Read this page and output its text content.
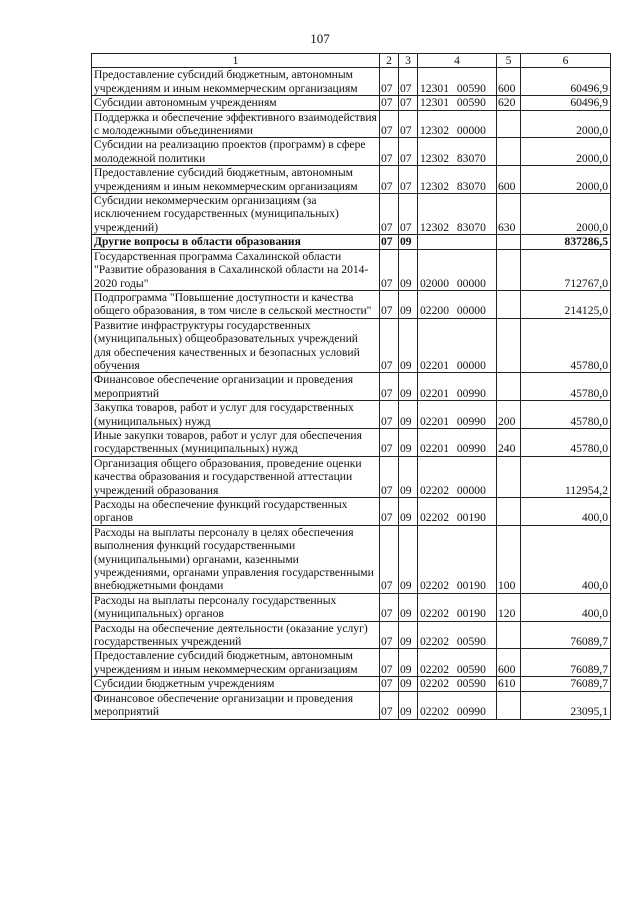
107
1	2	3	4	5	6
Предоставление субсидий бюджетным, автономным учреждениям и иным некоммерческим организациям	07	07	12301 00590	600	60496,9
Субсидии автономным учреждениям	07	07	12301 00590	620	60496,9
Поддержка и обеспечение эффективного взаимодействия с молодежными объединениями	07	07	12302 00000		2000,0
Субсидии на реализацию проектов (программ) в сфере молодежной политики	07	07	12302 83070		2000,0
Предоставление субсидий бюджетным, автономным учреждениям и иным некоммерческим организациям	07	07	12302 83070	600	2000,0
Субсидии некоммерческим организациям (за исключением государственных (муниципальных) учреждений)	07	07	12302 83070	630	2000,0
Другие вопросы в области образования	07	09			837286,5
Государственная программа Сахалинской области "Развитие образования в Сахалинской области на 2014-2020 годы"	07	09	02000 00000		712767,0
Подпрограмма "Повышение доступности и качества общего образования, в том числе в сельской местности"	07	09	02200 00000		214125,0
Развитие инфраструктуры государственных (муниципальных) общеобразовательных учреждений для обеспечения качественных и безопасных условий обучения	07	09	02201 00000		45780,0
Финансовое обеспечение организации и проведения мероприятий	07	09	02201 00990		45780,0
Закупка товаров, работ и услуг для государственных (муниципальных) нужд	07	09	02201 00990	200	45780,0
Иные закупки товаров, работ и услуг для обеспечения государственных (муниципальных) нужд	07	09	02201 00990	240	45780,0
Организация общего образования, проведение оценки качества образования и государственной аттестации учреждений образования	07	09	02202 00000		112954,2
Расходы на обеспечение функций государственных органов	07	09	02202 00190		400,0
Расходы на выплаты персоналу в целях обеспечения выполнения функций государственными (муниципальными) органами, казенными учреждениями, органами управления государственными внебюджетными фондами	07	09	02202 00190	100	400,0
Расходы на выплаты персоналу государственных (муниципальных) органов	07	09	02202 00190	120	400,0
Расходы на обеспечение деятельности (оказание услуг) государственных учреждений	07	09	02202 00590		76089,7
Предоставление субсидий бюджетным, автономным учреждениям и иным некоммерческим организациям	07	09	02202 00590	600	76089,7
Субсидии бюджетным учреждениям	07	09	02202 00590	610	76089,7
Финансовое обеспечение организации и проведения мероприятий	07	09	02202 00990		23095,1
